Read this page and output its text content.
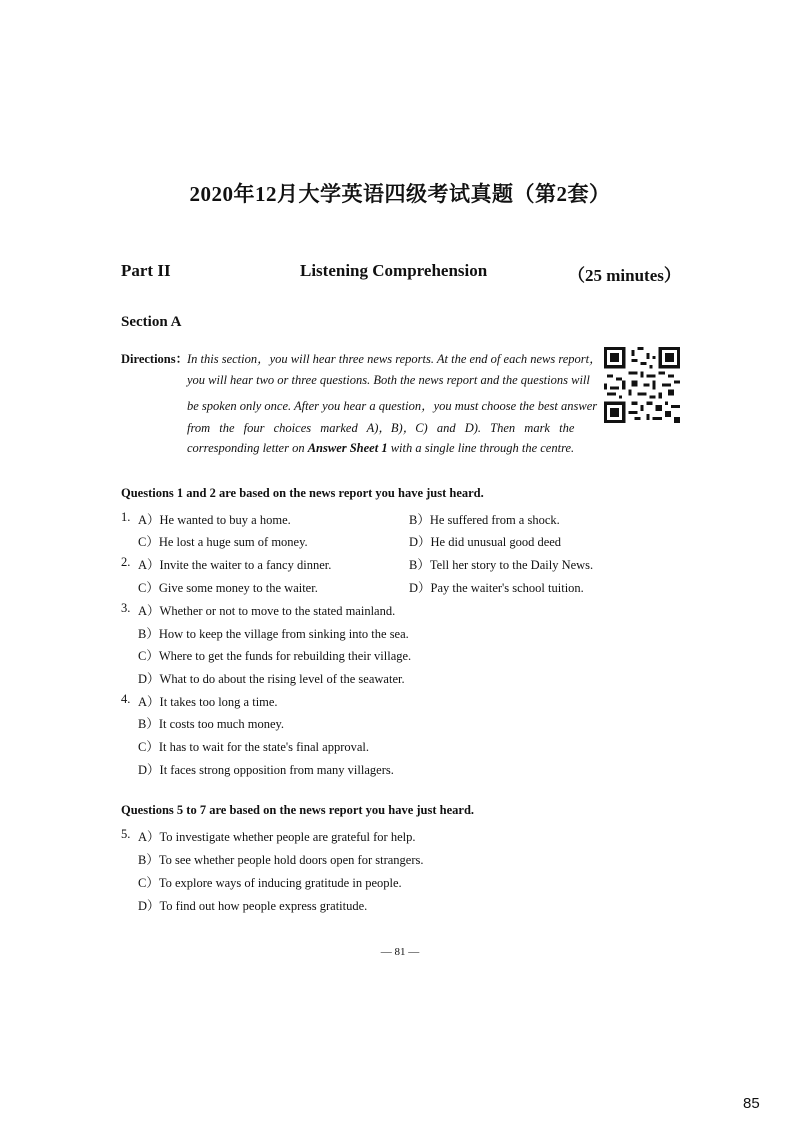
2020年12月大学英语四级考试真题（第2套）
Part II	Listening Comprehension	（25 minutes）
Section A
Directions：
In this section，you will hear three news reports. At the end of each news report，
you will hear two or three questions. Both the news report and the questions will
be spoken only once. After you hear a question，you must choose the best answer
from the four choices marked A)，B)，C) and D). Then mark the
corresponding letter on Answer Sheet 1 with a single line through the centre.
Questions 1 and 2 are based on the news report you have just heard.
1. A）He wanted to buy a home.	B）He suffered from a shock.
C）He lost a huge sum of money.	D）He did unusual good deed
2. A）Invite the waiter to a fancy dinner.	B）Tell her story to the Daily News.
C）Give some money to the waiter.	D）Pay the waiter's school tuition.
3. A）Whether or not to move to the stated mainland.
B）How to keep the village from sinking into the sea.
C）Where to get the funds for rebuilding their village.
D）What to do about the rising level of the seawater.
4. A）It takes too long a time.
B）It costs too much money.
C）It has to wait for the state's final approval.
D）It faces strong opposition from many villagers.
Questions 5 to 7 are based on the news report you have just heard.
5. A）To investigate whether people are grateful for help.
B）To see whether people hold doors open for strangers.
C）To explore ways of inducing gratitude in people.
D）To find out how people express gratitude.
— 81 —
85
